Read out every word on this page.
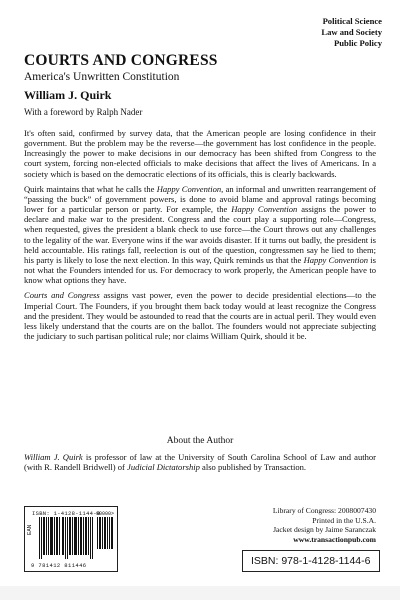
Political Science
Law and Society
Public Policy
COURTS AND CONGRESS
America's Unwritten Constitution
William J. Quirk
With a foreword by Ralph Nader

It's often said, confirmed by survey data, that the American people are losing confidence in their government. But the problem may be the reverse—the government has lost confidence in the people. Increasingly the power to make decisions in our democracy has been shifted from Congress to the court system, forcing non-elected officials to make decisions that affect the lives of Americans. In a society which is based on the democratic elections of its officials, this is clearly backwards.

Quirk maintains that what he calls the Happy Convention, an informal and unwritten rearrangement of “passing the buck” of government powers, is done to avoid blame and approval ratings becoming lower for a particular person or party. For example, the Happy Convention assigns the power to declare and make war to the president. Congress and the court play a supporting role—Congress, when requested, gives the president a blank check to use force—the Court throws out any challenges to the legality of the war. Everyone wins if the war avoids disaster. If it turns out badly, the president is held accountable. His ratings fall, reelection is out of the question, congressmen say he lied to them; his party is likely to lose the next election. In this way, Quirk reminds us that the Happy Convention is not what the Founders intended for us. For democracy to work properly, the American people have to know what options they have.

Courts and Congress assigns vast power, even the power to decide presidential elections—to the Imperial Court. The Founders, if you brought them back today would at least recognize the Congress and the president. They would be astounded to read that the courts are in actual peril. They would even less likely understand that the courts are on the ballot. The founders would not appreciate subjecting the judiciary to such partisan political rule; nor claims William Quirk, should it be.

About the Author

William J. Quirk is professor of law at the University of South Carolina School of Law and author (with R. Randell Bridwell) of Judicial Dictatorship also published by Transaction.

ISBN: 1-4128-1144-9
90000>
EAN
9 781412 811446
Library of Congress: 2008007430
Printed in the U.S.A.
Jacket design by Jaime Saranczak
www.transactionpub.com
ISBN: 978-1-4128-1144-6
